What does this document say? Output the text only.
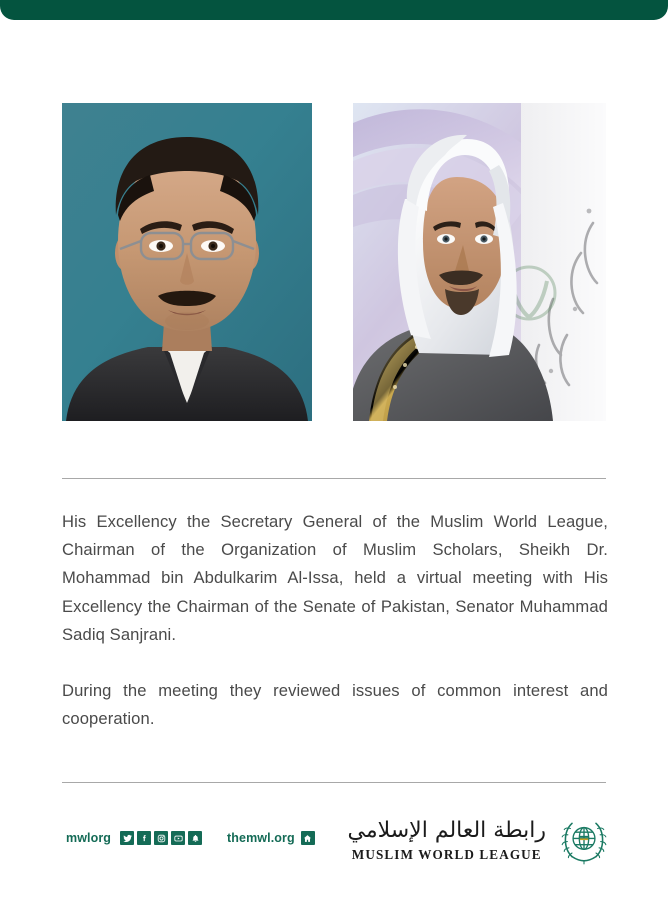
His Excellency the Secretary General of the Muslim World League, Chairman of the Organization of Muslim Scholars, Sheikh Dr. Mohammad bin Abdulkarim Al-Issa, held a virtual meeting with His Excellency the Chairman of the Senate of Pakistan, Senator Muhammad Sadiq Sanjrani.

During the meeting they reviewed issues of common interest and cooperation.

mwlorg	themwl.org رابطة العالم الإسلامي
MUSLIM WORLD LEAGUE
